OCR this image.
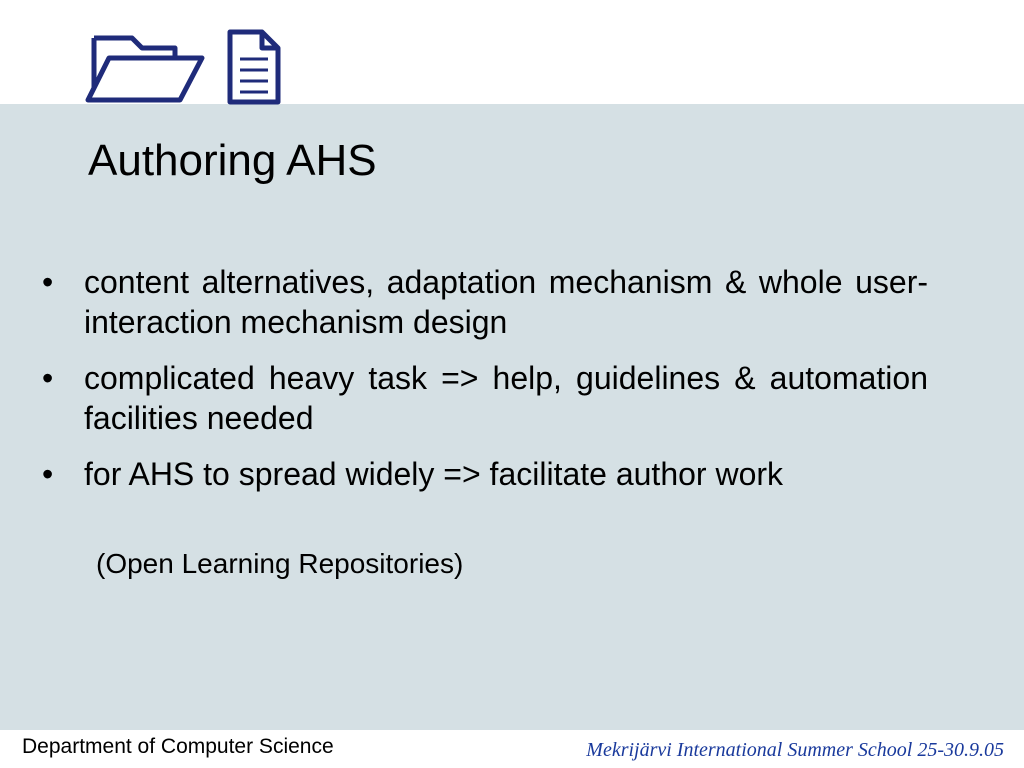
Authoring AHS
• content alternatives, adaptation mechanism & whole user-interaction mechanism design
• complicated heavy task => help, guidelines & automation facilities needed
• for AHS to spread widely => facilitate author work
(Open Learning Repositories)
Department of Computer Science	Mekrijärvi International Summer School 25-30.9.05
